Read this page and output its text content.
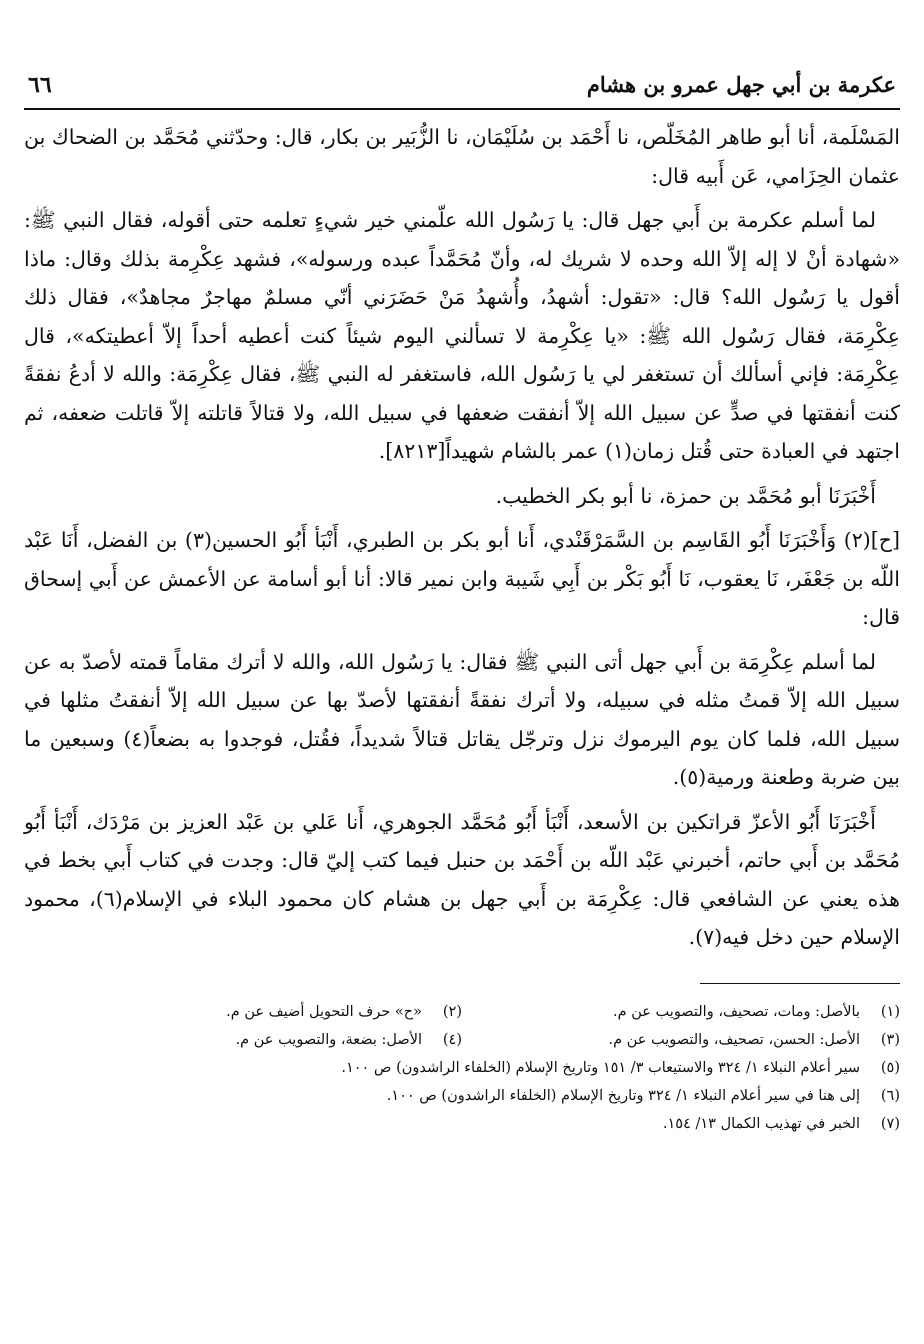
عكرمة بن أبي جهل عمرو بن هشام
٦٦

المَسْلَمة، أنا أبو طاهر المُخَلّص، نا أَحْمَد بن سُلَيْمَان، نا الزُّبَير بن بكار، قال: وحدّثني مُحَمَّد بن الضحاك بن عثمان الحِزَامي، عَن أَبيه قال:

لما أسلم عكرمة بن أَبي جهل قال: يا رَسُول الله علّمني خير شيءٍ تعلمه حتى أقوله، فقال النبي ﷺ: «شهادة أنْ لا إله إلاّ الله وحده لا شريك له، وأنّ مُحَمَّداً عبده ورسوله»، فشهد عِكْرِمة بذلك وقال: ماذا أقول يا رَسُول الله؟ قال: «تقول: أشهدُ، وأُشهدُ مَنْ حَضَرَني أنّي مسلمٌ مهاجرٌ مجاهدٌ»، فقال ذلك عِكْرِمَة، فقال رَسُول الله ﷺ: «يا عِكْرِمة لا تسألني اليوم شيئاً كنت أعطيه أحداً إلاّ أعطيتكه»، قال عِكْرِمَة: فإني أسألك أن تستغفر لي يا رَسُول الله، فاستغفر له النبي ﷺ، فقال عِكْرِمَة: والله لا أدعُ نفقةً كنت أنفقتها في صدٍّ عن سبيل الله إلاّ أنفقت ضعفها في سبيل الله، ولا قتالاً قاتلته إلاّ قاتلت ضعفه، ثم اجتهد في العبادة حتى قُتل زمان(١) عمر بالشام شهيداً[٨٢١٣].

أَخْبَرَنَا أبو مُحَمَّد بن حمزة، نا أبو بكر الخطيب.

[ح](٢) وَأَخْبَرَنَا أَبُو القَاسِم بن السَّمَرْقَنْدي، أَنا أبو بكر بن الطبري، أَنْبَأ أَبُو الحسين(٣) بن الفضل، أَنَا عَبْد اللّه بن جَعْفَر، نَا يعقوب، نَا أَبُو بَكْر بن أَبِي شَيبة وابن نمير قالا: أنا أبو أسامة عن الأعمش عن أَبي إسحاق قال:

لما أسلم عِكْرِمَة بن أَبي جهل أتى النبي ﷺ فقال: يا رَسُول الله، والله لا أترك مقاماً قمته لأصدّ به عن سبيل الله إلاّ قمتُ مثله في سبيله، ولا أترك نفقةً أنفقتها لأصدّ بها عن سبيل الله إلاّ أنفقتُ مثلها في سبيل الله، فلما كان يوم اليرموك نزل وترجّل يقاتل قتالاً شديداً، فقُتل، فوجدوا به بضعاً(٤) وسبعين ما بين ضربة وطعنة ورمية(٥).

أَخْبَرَنَا أَبُو الأعزّ قراتكين بن الأسعد، أَنْبَأ أَبُو مُحَمَّد الجوهري، أَنا عَلي بن عَبْد العزيز بن مَرْدَك، أَنْبَأ أَبُو مُحَمَّد بن أَبي حاتم، أخبرني عَبْد اللّه بن أَحْمَد بن حنبل فيما كتب إليّ قال: وجدت في كتاب أَبي بخط في هذه يعني عن الشافعي قال: عِكْرِمَة بن أَبي جهل بن هشام كان محمود البلاء في الإسلام(٦)، محمود الإسلام حين دخل فيه(٧).

(١)
بالأصل: ومات، تصحيف، والتصويب عن م.
(٢)
«ح» حرف التحويل أضيف عن م.
(٣)
الأصل: الحسن، تصحيف، والتصويب عن م.
(٤)
الأصل: بضعة، والتصويب عن م.
(٥)
سير أعلام النبلاء ١/ ٣٢٤ والاستيعاب ٣/ ١٥١ وتاريخ الإسلام (الخلفاء الراشدون) ص ١٠٠.
(٦)
إلى هنا في سير أعلام النبلاء ١/ ٣٢٤ وتاريخ الإسلام (الخلفاء الراشدون) ص ١٠٠.
(٧)
الخبر في تهذيب الكمال ١٣/ ١٥٤.
